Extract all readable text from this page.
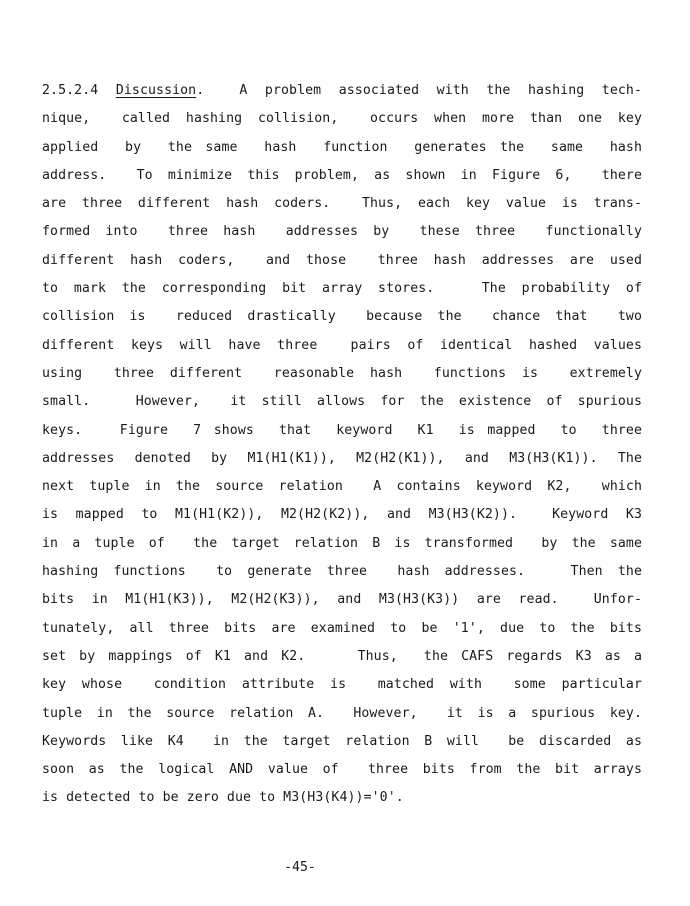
2.5.2.4 Discussion.  A problem associated with the hashing tech-
nique,  called hashing collision,  occurs when more than one key
applied  by  the same  hash  function  generates the  same  hash
address.  To minimize this problem, as shown in Figure 6,  there
are three different hash coders.  Thus, each key value is trans-
formed into  three hash  addresses by  these three  functionally
different hash coders,  and those  three hash addresses are used
to mark the corresponding bit array stores.   The probability of
collision is  reduced drastically  because the  chance that  two
different keys will have three  pairs of identical hashed values
using  three different  reasonable hash  functions is  extremely
small.   However,  it still allows for the existence of spurious
keys.   Figure  7 shows  that  keyword  K1  is mapped  to  three
addresses denoted by M1(H1(K1)), M2(H2(K1)), and M3(H3(K1)). The
next tuple in the source relation  A contains keyword K2,  which
is mapped to M1(H1(K2)), M2(H2(K2)), and M3(H3(K2)).  Keyword K3
in a tuple of  the target relation B is transformed  by the same
hashing functions  to generate three  hash addresses.   Then the
bits in M1(H1(K3)), M2(H2(K3)), and M3(H3(K3)) are read.  Unfor-
tunately, all three bits are examined to be '1', due to the bits
set by mappings of K1 and K2.    Thus,  the CAFS regards K3 as a
key whose  condition attribute is  matched with  some particular
tuple in the source relation A.  However,  it is a spurious key.
Keywords like K4  in the target relation B will  be discarded as
soon as the logical AND value of  three bits from the bit arrays
is detected to be zero due to M3(H3(K4))='0'.
-45-
